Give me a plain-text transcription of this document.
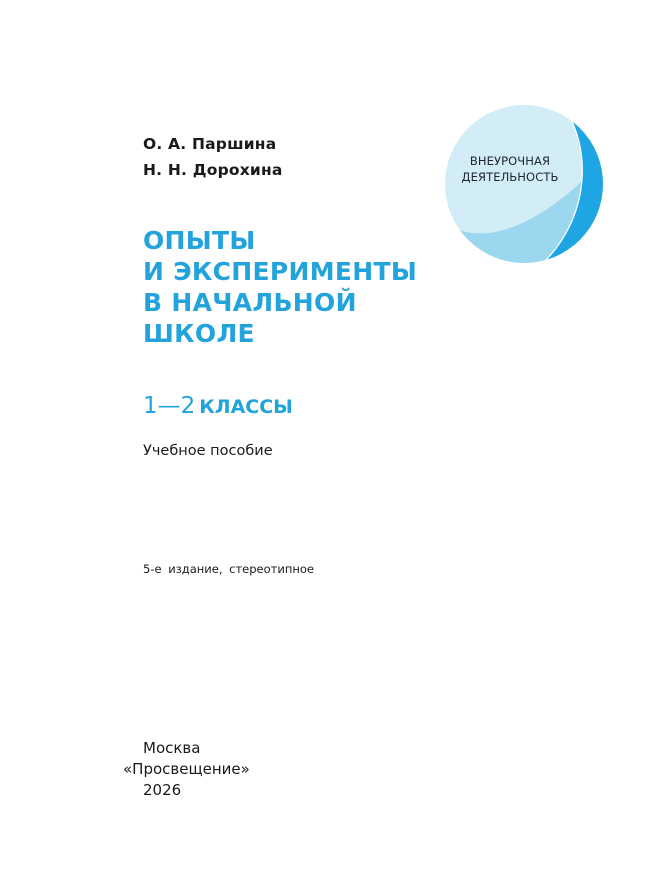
О. А. Паршина
Н. Н. Дорохина	ВНЕУРОЧНАЯ
ДЕЯТЕЛЬНОСТЬ
ОПЫТЫ
И ЭКСПЕРИМЕНТЫ
В НАЧАЛЬНОЙ
ШКОЛЕ
1—2 КЛАССЫ
Учебное пособие
5-е издание, стереотипное
Москва
«Просвещение»
2026
